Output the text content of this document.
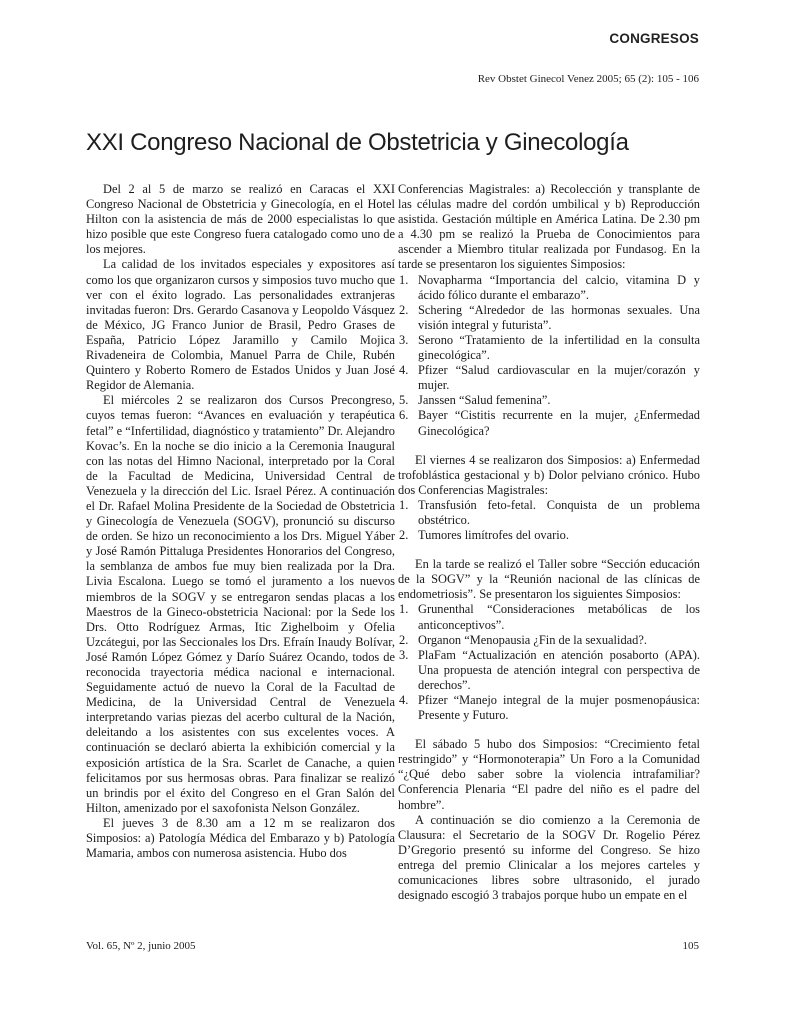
CONGRESOS
Rev Obstet Ginecol Venez 2005; 65 (2): 105 - 106
XXI Congreso Nacional de Obstetricia y Ginecología

Del 2 al 5 de marzo se realizó en Caracas el XXI Congreso Nacional de Obstetricia y Ginecología, en el Hotel Hilton con la asistencia de más de 2000 especialistas lo que hizo posible que este Congreso fuera catalogado como uno de los mejores.

La calidad de los invitados especiales y expositores así como los que organizaron cursos y simposios tuvo mucho que ver con el éxito logrado. Las personalidades extranjeras invitadas fueron: Drs. Gerardo Casanova y Leopoldo Vásquez de México, JG Franco Junior de Brasil, Pedro Grases de España, Patricio López Jaramillo y Camilo Mojica Rivadeneira de Colombia, Manuel Parra de Chile, Rubén Quintero y Roberto Romero de Estados Unidos y Juan José Regidor de Alemania.

El miércoles 2 se realizaron dos Cursos Precongreso, cuyos temas fueron: “Avances en evaluación y terapéutica fetal” e “Infertilidad, diagnóstico y tratamiento” Dr. Alejandro Kovac’s. En la noche se dio inicio a la Ceremonia Inaugural con las notas del Himno Nacional, interpretado por la Coral de la Facultad de Medicina, Universidad Central de Venezuela y la dirección del Lic. Israel Pérez. A continuación el Dr. Rafael Molina Presidente de la Sociedad de Obstetricia y Ginecología de Venezuela (SOGV), pronunció su discurso de orden. Se hizo un reconocimiento a los Drs. Miguel Yáber y José Ramón Pittaluga Presidentes Honorarios del Congreso, la semblanza de ambos fue muy bien realizada por la Dra. Livia Escalona. Luego se tomó el juramento a los nuevos miembros de la SOGV y se entregaron sendas placas a los Maestros de la Gineco-obstetricia Nacional: por la Sede los Drs. Otto Rodríguez Armas, Itic Zighelboim y Ofelia Uzcátegui, por las Seccionales los Drs. Efraín Inaudy Bolívar, José Ramón López Gómez y Darío Suárez Ocando, todos de reconocida trayectoria médica nacional e internacional. Seguidamente actuó de nuevo la Coral de la Facultad de Medicina, de la Universidad Central de Venezuela interpretando varias piezas del acerbo cultural de la Nación, deleitando a los asistentes con sus excelentes voces. A continuación se declaró abierta la exhibición comercial y la exposición artística de la Sra. Scarlet de Canache, a quien felicitamos por sus hermosas obras. Para finalizar se realizó un brindis por el éxito del Congreso en el Gran Salón del Hilton, amenizado por el saxofonista Nelson González.

El jueves 3 de 8.30 am a 12 m se realizaron dos Simposios: a) Patología Médica del Embarazo y b) Patología Mamaria, ambos con numerosa asistencia. Hubo dos

Conferencias Magistrales: a) Recolección y transplante de las células madre del cordón umbilical y b) Reproducción asistida. Gestación múltiple en América Latina. De 2.30 pm a 4.30 pm se realizó la Prueba de Conocimientos para ascender a Miembro titular realizada por Fundasog. En la tarde se presentaron los siguientes Simposios:

1. Novapharma “Importancia del calcio, vitamina D y ácido fólico durante el embarazo”.
2. Schering “Alrededor de las hormonas sexuales. Una visión integral y futurista”.
3. Serono “Tratamiento de la infertilidad en la consulta ginecológica”.
4. Pfizer “Salud cardiovascular en la mujer/corazón y mujer.
5. Janssen “Salud femenina”.
6. Bayer “Cistitis recurrente en la mujer, ¿Enfermedad Ginecológica?

El viernes 4 se realizaron dos Simposios: a) Enfermedad trofoblástica gestacional y b) Dolor pelviano crónico. Hubo dos Conferencias Magistrales:

1. Transfusión feto-fetal. Conquista de un problema obstétrico.
2. Tumores limítrofes del ovario.

En la tarde se realizó el Taller sobre “Sección educación de la SOGV” y la “Reunión nacional de las clínicas de endometriosis”. Se presentaron los siguientes Simposios:

1. Grunenthal “Consideraciones metabólicas de los anticonceptivos”.
2. Organon “Menopausia ¿Fin de la sexualidad?.
3. PlaFam “Actualización en atención posaborto (APA). Una propuesta de atención integral con perspectiva de derechos”.
4. Pfizer “Manejo integral de la mujer posmenopáusica: Presente y Futuro.

El sábado 5 hubo dos Simposios: “Crecimiento fetal restringido” y “Hormonoterapia” Un Foro a la Comunidad “¿Qué debo saber sobre la violencia intrafamiliar? Conferencia Plenaria “El padre del niño es el padre del hombre”.

A continuación se dio comienzo a la Ceremonia de Clausura: el Secretario de la SOGV Dr. Rogelio Pérez D’Gregorio presentó su informe del Congreso. Se hizo entrega del premio Clinicalar a los mejores carteles y comunicaciones libres sobre ultrasonido, el jurado designado escogió 3 trabajos porque hubo un empate en el

Vol. 65, Nº 2, junio 2005	105
